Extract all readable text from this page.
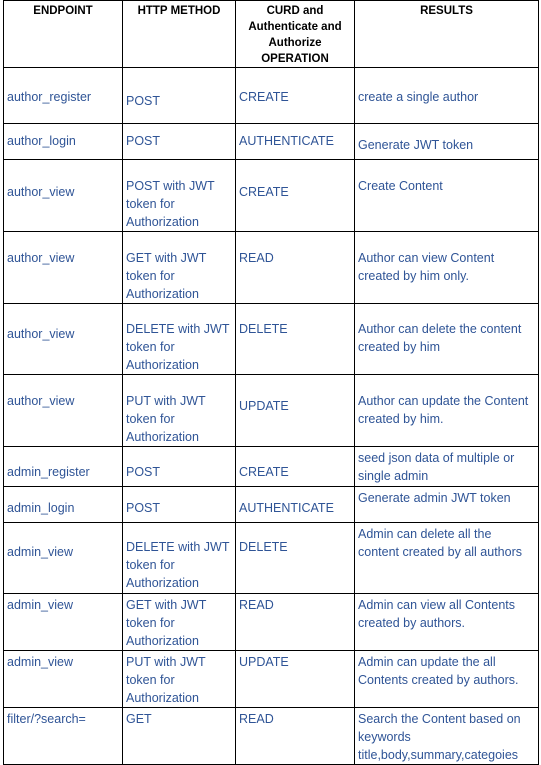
ENDPOINT	HTTP METHOD	CURD and Authenticate and Authorize OPERATION	RESULTS
author_register	POST	CREATE	create a single author
author_login	POST	AUTHENTICATE	Generate JWT token
author_view	POST with JWT token for Authorization	CREATE	Create Content
author_view	GET with JWT token for Authorization	READ	Author can view Content created by him only.
author_view	DELETE with JWT token for Authorization	DELETE	Author can delete the content created by him
author_view	PUT with JWT token for Authorization	UPDATE	Author can update the Content created by him.
admin_register	POST	CREATE	seed json data of multiple or single admin
admin_login	POST	AUTHENTICATE	Generate admin JWT token
admin_view	DELETE with JWT token for Authorization	DELETE	Admin can delete all the content created by all authors
admin_view	GET with JWT token for Authorization	READ	Admin can view all Contents created by authors.
admin_view	PUT with JWT token for Authorization	UPDATE	Admin can update the all Contents created by authors.
filter/?search=	GET	READ	Search the Content based on keywords title,body,summary,categoies
